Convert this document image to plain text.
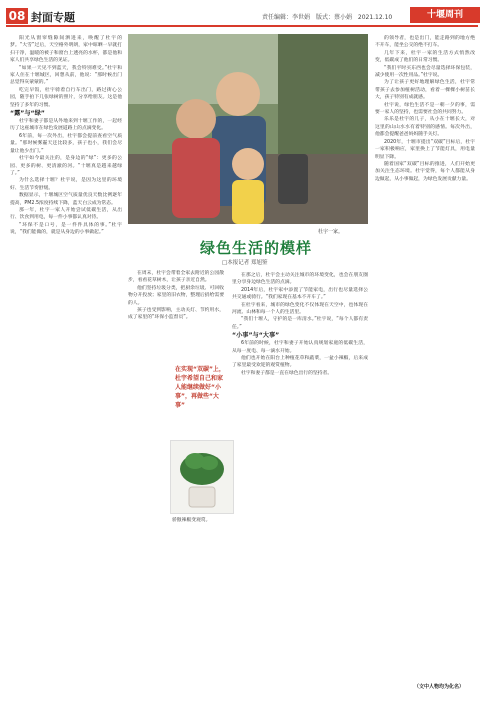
08 封面专题	责任编辑：李世娟 版式：蔡小娟 2021.12.10	十堰周刊

阳光从窗帘缝隙间洒进来，唤醒了杜宇的梦。“大雪”过后，天空格外明朗，家中晾晒一早就打扫干净，温暖的被子和窗台上透亮的水杯，都是他和家人们共享绿色生活的见证。

“如果一天见不到蓝天，我会特别难受。”杜宇和家人住在十堰城区，回想从前，他说：“那时候出门总觉得灰蒙蒙的。”

吃完早饭，杜宇骑着自行车出门，路过街心公园，随手拍下几张绿树的照片，分享给朋友。这是他坚持了多年的习惯。

“露”与“绿”

杜宇和妻子都是从外地来到十堰工作的，一起经历了这座城市在绿色发展道路上的点滴变化。

6年前，每一次外出，杜宇都会提前查看空气质量。“那时候雾霾天还比较多，孩子也小，我们会尽量让他少出门。”

杜宇如今最关注的，是身边的“绿”：更多的公园、更多的树、更清澈的河。“十堰真是越来越绿了。”

为什么选择十堰？杜宇说，是因为这里的环境好、生活节奏舒缓。

数据显示，十堰城区空气质量优良天数比例逐年提高，PM2.5浓度持续下降，蓝天白云成为常态。

那一年，杜宇一家人开始尝试低碳生活，从出行、饮食到用电，每一件小事都认真对待。

“环保不是口号，是一件件具体的事。”杜宇说，“我们能做的，就是从身边的小事做起。”	杜宇一家。
绿色生活的模样
□本报记者 郑旭鉴

在周末，杜宇会带着全家去附近的公园散步，看看花草树木，让孩子亲近自然。

他们坚持垃圾分类，把厨余垃圾、可回收物分开投放；家里的旧衣物，整理后捐给需要的人。

孩子也受到影响，主动关灯、节约用水，成了家里的“环保小监督员”。

在实现“双碳”上，杜宇希望自己和家人能继续做好“小事”，再做些“大事”
骄傲辣椒变观赏。

在那之后，杜宇会主动关注城市的环境变化，也会在朋友圈里分享身边绿色生活的点滴。

2014年后，杜宇家中添置了节能家电，出行也尽量选择公共交通或骑行。“我们家现在基本不开车了。”

在杜宇看来，城市的绿色变化不仅体现在天空中，也体现在河流、山林和每一个人的生活里。

“我们十堰人，守护的是一库清水。”杜宇说，“每个人都有责任。”

“小事”与“大事”

6年前的时候，杜宇和妻子开始认真规划家庭的低碳生活，从每一度电、每一滴水开始。

他们也开始在阳台上种植花草和蔬菜，一盆小辣椒，后来成了家里最受欢迎的观赏植物。

杜宇和妻子都是一直在绿色出行的坚持者。

的领导者，也是出门，能走路到的地方绝不开车，能坐公交的绝不打车。

几年下来，杜宇一家的生活方式悄然改变，低碳成了他们的日常习惯。

“我们平时买东西也会尽量选择环保包装，减少使用一次性用品。”杜宇说。

为了让孩子更好地理解绿色生活，杜宇常带孩子去参加植树活动，看着一棵棵小树苗长大，孩子特别有成就感。

杜宇说，绿色生活不是一朝一夕的事，需要一家人的坚持，也需要社会的共同努力。

乐乐是杜宇的儿子，从小在十堰长大，对这里的山山水水有着特别的感情。每次外出，他都会提醒爸爸妈妈随手关灯。

2020年，十堰市提出“双碳”目标后，杜宇一家积极响应，家里换上了节能灯具，用电量明显下降。

随着国家“双碳”目标的推进，人们开始更加关注生态环境。杜宇觉得，每个人都能从身边做起，从小事做起，为绿色发展贡献力量。

（文中人物均为化名）
